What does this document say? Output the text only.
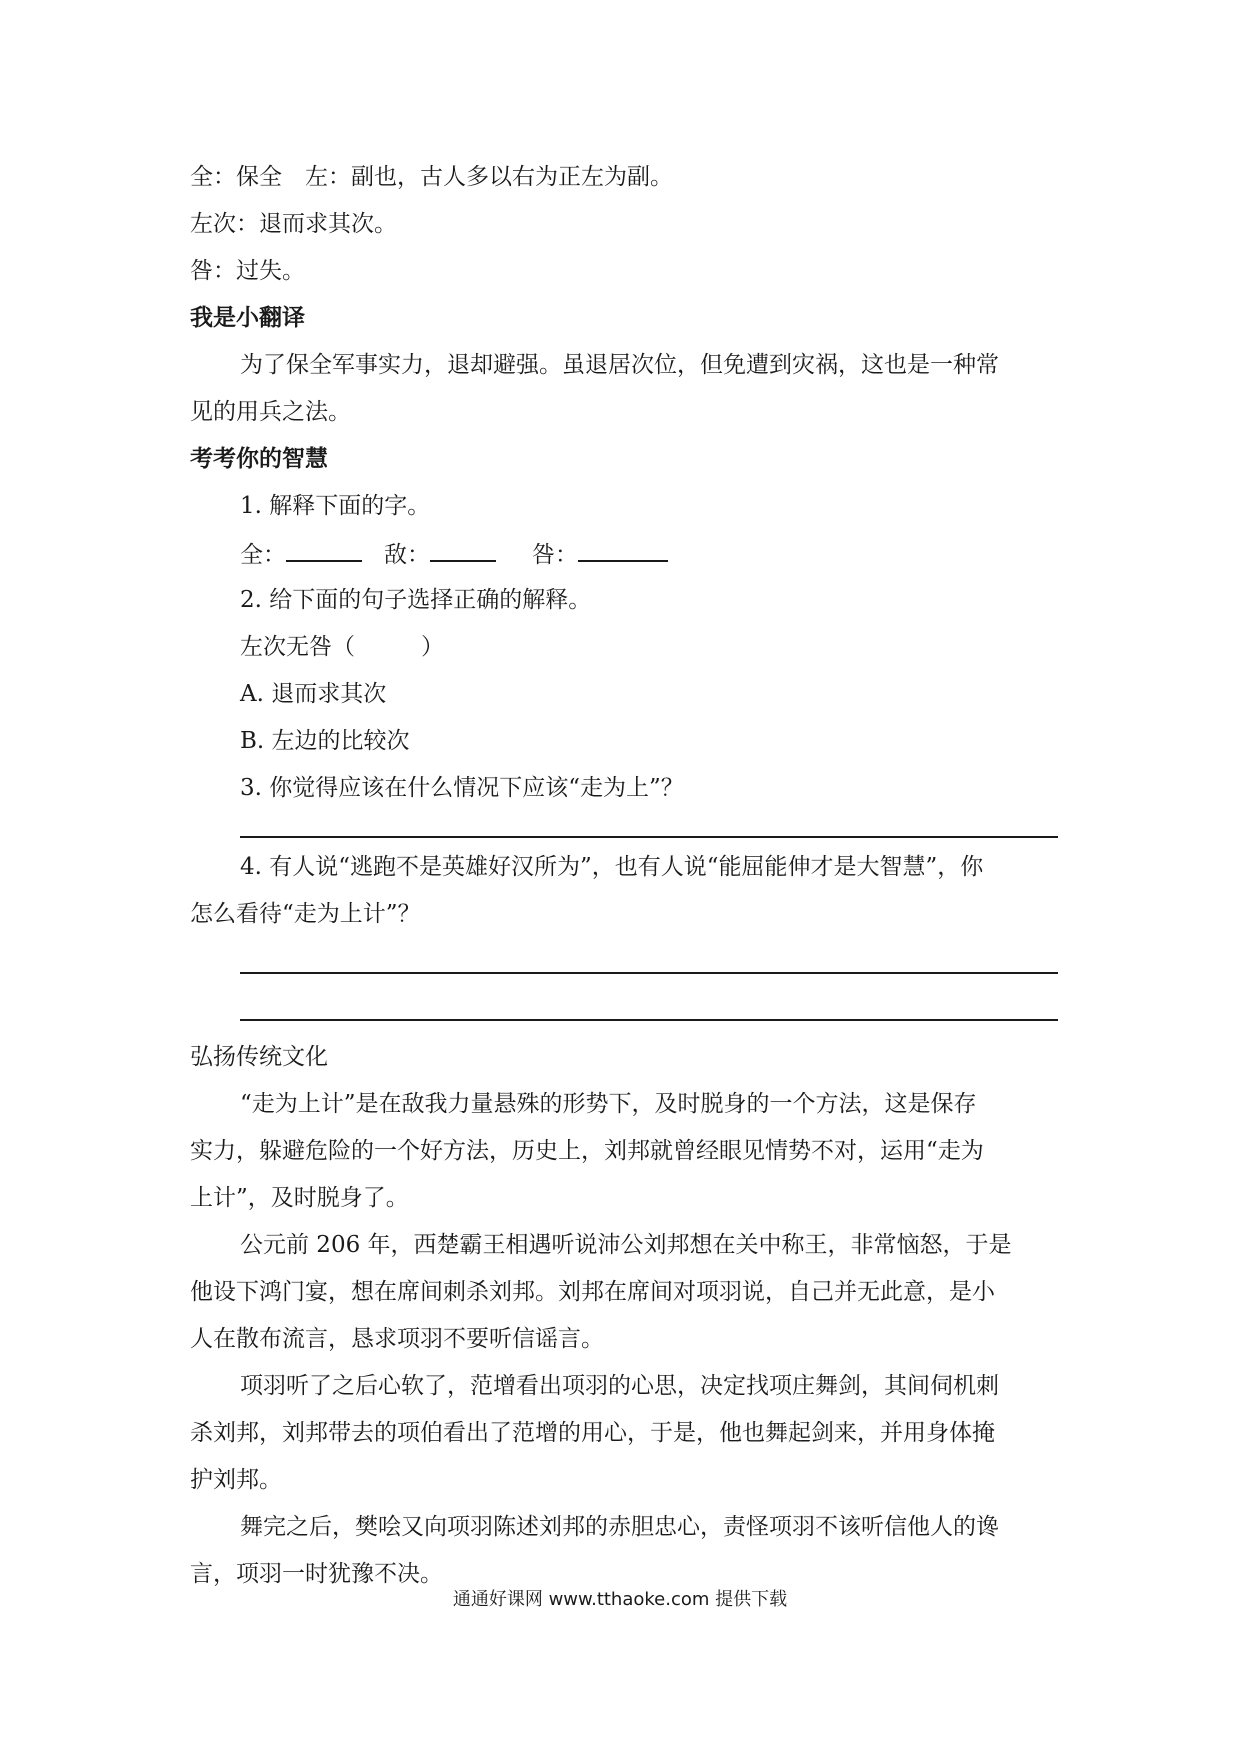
全：保全　左：副也，古人多以右为正左为副。
左次：退而求其次。
咎：过失。
我是小翻译
为了保全军事实力，退却避强。虽退居次位，但免遭到灾祸，这也是一种常
见的用兵之法。
考考你的智慧
1. 解释下面的字。
全：	敌：	咎：
2. 给下面的句子选择正确的解释。
左次无咎（	）
A. 退而求其次
B. 左边的比较次
3. 你觉得应该在什么情况下应该“走为上”？
4. 有人说“逃跑不是英雄好汉所为”，也有人说“能屈能伸才是大智慧”，你
怎么看待“走为上计”？
弘扬传统文化
“走为上计”是在敌我力量悬殊的形势下，及时脱身的一个方法，这是保存
实力，躲避危险的一个好方法，历史上，刘邦就曾经眼见情势不对，运用“走为
上计”，及时脱身了。
公元前 206 年，西楚霸王相遇听说沛公刘邦想在关中称王，非常恼怒，于是
他设下鸿门宴，想在席间刺杀刘邦。刘邦在席间对项羽说，自己并无此意，是小
人在散布流言，恳求项羽不要听信谣言。
项羽听了之后心软了，范增看出项羽的心思，决定找项庄舞剑，其间伺机刺
杀刘邦，刘邦带去的项伯看出了范增的用心，于是，他也舞起剑来，并用身体掩
护刘邦。
舞完之后，樊哙又向项羽陈述刘邦的赤胆忠心，责怪项羽不该听信他人的谗
言，项羽一时犹豫不决。
通通好课网 www.tthaoke.com 提供下载
